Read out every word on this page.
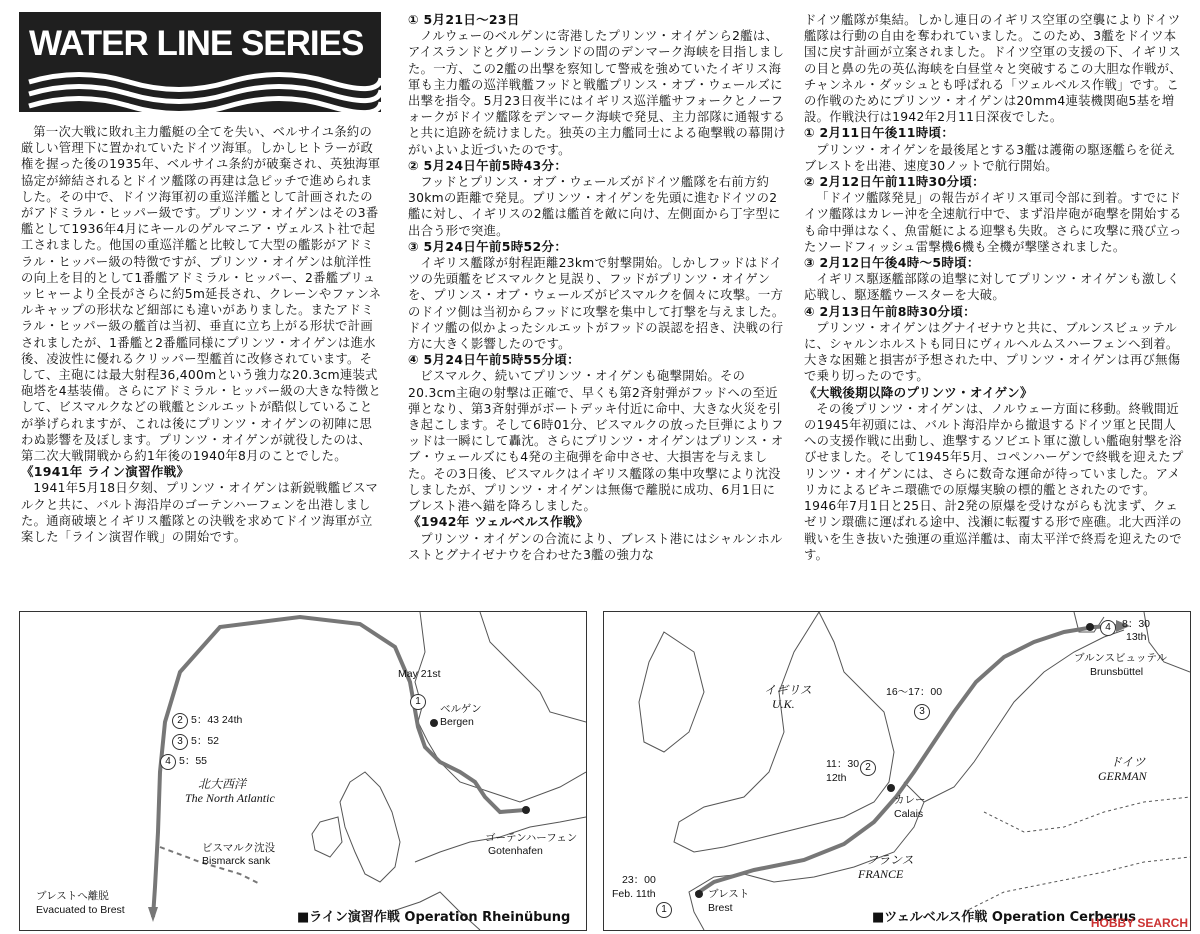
WATER LINE SERIES

第一次大戦に敗れ主力艦艇の全てを失い、ベルサイユ条約の厳しい管理下に置かれていたドイツ海軍。しかしヒトラーが政権を握った後の1935年、ベルサイユ条約が破棄され、英独海軍協定が締結されるとドイツ艦隊の再建は急ピッチで進められました。その中で、ドイツ海軍初の重巡洋艦として計画されたのがアドミラル・ヒッパー級です。プリンツ・オイゲンはその3番艦として1936年4月にキールのゲルマニア・ヴェルスト社で起工されました。他国の重巡洋艦と比較して大型の艦影がアドミラル・ヒッパー級の特徴ですが、プリンツ・オイゲンは航洋性の向上を目的として1番艦アドミラル・ヒッパー、2番艦ブリュッヒャーより全長がさらに約5m延長され、クレーンやファンネルキャップの形状など細部にも違いがありました。またアドミラル・ヒッパー級の艦首は当初、垂直に立ち上がる形状で計画されましたが、1番艦と2番艦同様にプリンツ・オイゲンは進水後、凌波性に優れるクリッパー型艦首に改修されています。そして、主砲には最大射程36,400mという強力な20.3cm連装式砲塔を4基装備。さらにアドミラル・ヒッパー級の大きな特徴として、ビスマルクなどの戦艦とシルエットが酷似していることが挙げられますが、これは後にプリンツ・オイゲンの初陣に思わぬ影響を及ぼします。プリンツ・オイゲンが就役したのは、第二次大戦開戦から約1年後の1940年8月のことでした。

《1941年 ライン演習作戦》

1941年5月18日夕刻、プリンツ・オイゲンは新鋭戦艦ビスマルクと共に、バルト海沿岸のゴーテンハーフェンを出港しました。通商破壊とイギリス艦隊との決戦を求めてドイツ海軍が立案した「ライン演習作戦」の開始です。

① 5月21日〜23日

ノルウェーのベルゲンに寄港したプリンツ・オイゲンら2艦は、アイスランドとグリーンランドの間のデンマーク海峡を目指しました。一方、この2艦の出撃を察知して警戒を強めていたイギリス海軍も主力艦の巡洋戦艦フッドと戦艦プリンス・オブ・ウェールズに出撃を指令。5月23日夜半にはイギリス巡洋艦サフォークとノーフォークがドイツ艦隊をデンマーク海峡で発見、主力部隊に通報すると共に追跡を続けました。独英の主力艦同士による砲撃戦の幕開けがいよいよ近づいたのです。

② 5月24日午前5時43分：

フッドとプリンス・オブ・ウェールズがドイツ艦隊を右前方約30kmの距離で発見。プリンツ・オイゲンを先頭に進むドイツの2艦に対し、イギリスの2艦は艦首を敵に向け、左側面から丁字型に出合う形で突進。

③ 5月24日午前5時52分：

イギリス艦隊が射程距離23kmで射撃開始。しかしフッドはドイツの先頭艦をビスマルクと見誤り、フッドがプリンツ・オイゲンを、プリンス・オブ・ウェールズがビスマルクを個々に攻撃。一方のドイツ側は当初からフッドに攻撃を集中して打撃を与えました。ドイツ艦の似かよったシルエットがフッドの誤認を招き、決戦の行方に大きく影響したのです。

④ 5月24日午前5時55分頃：

ビスマルク、続いてプリンツ・オイゲンも砲撃開始。その20.3cm主砲の射撃は正確で、早くも第2斉射弾がフッドへの至近弾となり、第3斉射弾がボートデッキ付近に命中、大きな火災を引き起こします。そして6時01分、ビスマルクの放った巨弾によりフッドは一瞬にして轟沈。さらにプリンツ・オイゲンはプリンス・オブ・ウェールズにも4発の主砲弾を命中させ、大損害を与えました。その3日後、ビスマルクはイギリス艦隊の集中攻撃により沈没しましたが、プリンツ・オイゲンは無傷で離脱に成功、6月1日にブレスト港へ錨を降ろしました。

《1942年 ツェルベルス作戦》

プリンツ・オイゲンの合流により、ブレスト港にはシャルンホルストとグナイゼナウを合わせた3艦の強力な

ドイツ艦隊が集結。しかし連日のイギリス空軍の空襲によりドイツ艦隊は行動の自由を奪われていました。このため、3艦をドイツ本国に戻す計画が立案されました。ドイツ空軍の支援の下、イギリスの目と鼻の先の英仏海峡を白昼堂々と突破するこの大胆な作戦が、チャンネル・ダッシュとも呼ばれる「ツェルベルス作戦」です。この作戦のためにプリンツ・オイゲンは20mm4連装機関砲5基を増設。作戦決行は1942年2月11日深夜でした。

① 2月11日午後11時頃：

プリンツ・オイゲンを最後尾とする3艦は護衛の駆逐艦らを従えブレストを出港、速度30ノットで航行開始。

② 2月12日午前11時30分頃：

「ドイツ艦隊発見」の報告がイギリス軍司令部に到着。すでにドイツ艦隊はカレー沖を全速航行中で、まず沿岸砲が砲撃を開始するも命中弾はなく、魚雷艇による迎撃も失敗。さらに攻撃に飛び立ったソードフィッシュ雷撃機6機も全機が撃墜されました。

③ 2月12日午後4時〜5時頃：

イギリス駆逐艦部隊の追撃に対してプリンツ・オイゲンも激しく応戦し、駆逐艦ウースターを大破。

④ 2月13日午前8時30分頃：

プリンツ・オイゲンはグナイゼナウと共に、ブルンスビュッテルに、シャルンホルストも同日にヴィルヘルムスハーフェンへ到着。大きな困難と損害が予想された中、プリンツ・オイゲンは再び無傷で乗り切ったのです。

《大戦後期以降のプリンツ・オイゲン》

その後プリンツ・オイゲンは、ノルウェー方面に移動。終戦間近の1945年初頭には、バルト海沿岸から撤退するドイツ軍と民間人への支援作戦に出動し、進撃するソビエト軍に激しい艦砲射撃を浴びせました。そして1945年5月、コペンハーゲンで終戦を迎えたプリンツ・オイゲンには、さらに数奇な運命が待っていました。アメリカによるビキニ環礁での原爆実験の標的艦とされたのです。1946年7月1日と25日、計2発の原爆を受けながらも沈まず、クェゼリン環礁に運ばれる途中、浅瀬に転覆する形で座礁。北大西洋の戦いを生き抜いた強運の重巡洋艦は、南太平洋で終焉を迎えたのです。

May 21st
1
ベルゲン
Bergen
2 5：43 24th
3 5：52
4 5：55
北大西洋
The North Atlantic
ゴーテンハーフェン
Gotenhafen
ビスマルク沈没
Bismarck sank
ブレストへ離脱
Evacuated to Brest	■ライン演習作戦 Operation Rheinübung
イギリス
U.K.
ドイツ
GERMAN
フランス
FRANCE
23：00
Feb. 11th
1
ブレスト
Brest
11：30
12th
2
カレー
Calais
16〜17：00
3
4	8：30
13th
ブルンスビュッテル
Brunsbüttel
■ツェルベルス作戦 Operation Cerberus
HOBBY SEARCH
